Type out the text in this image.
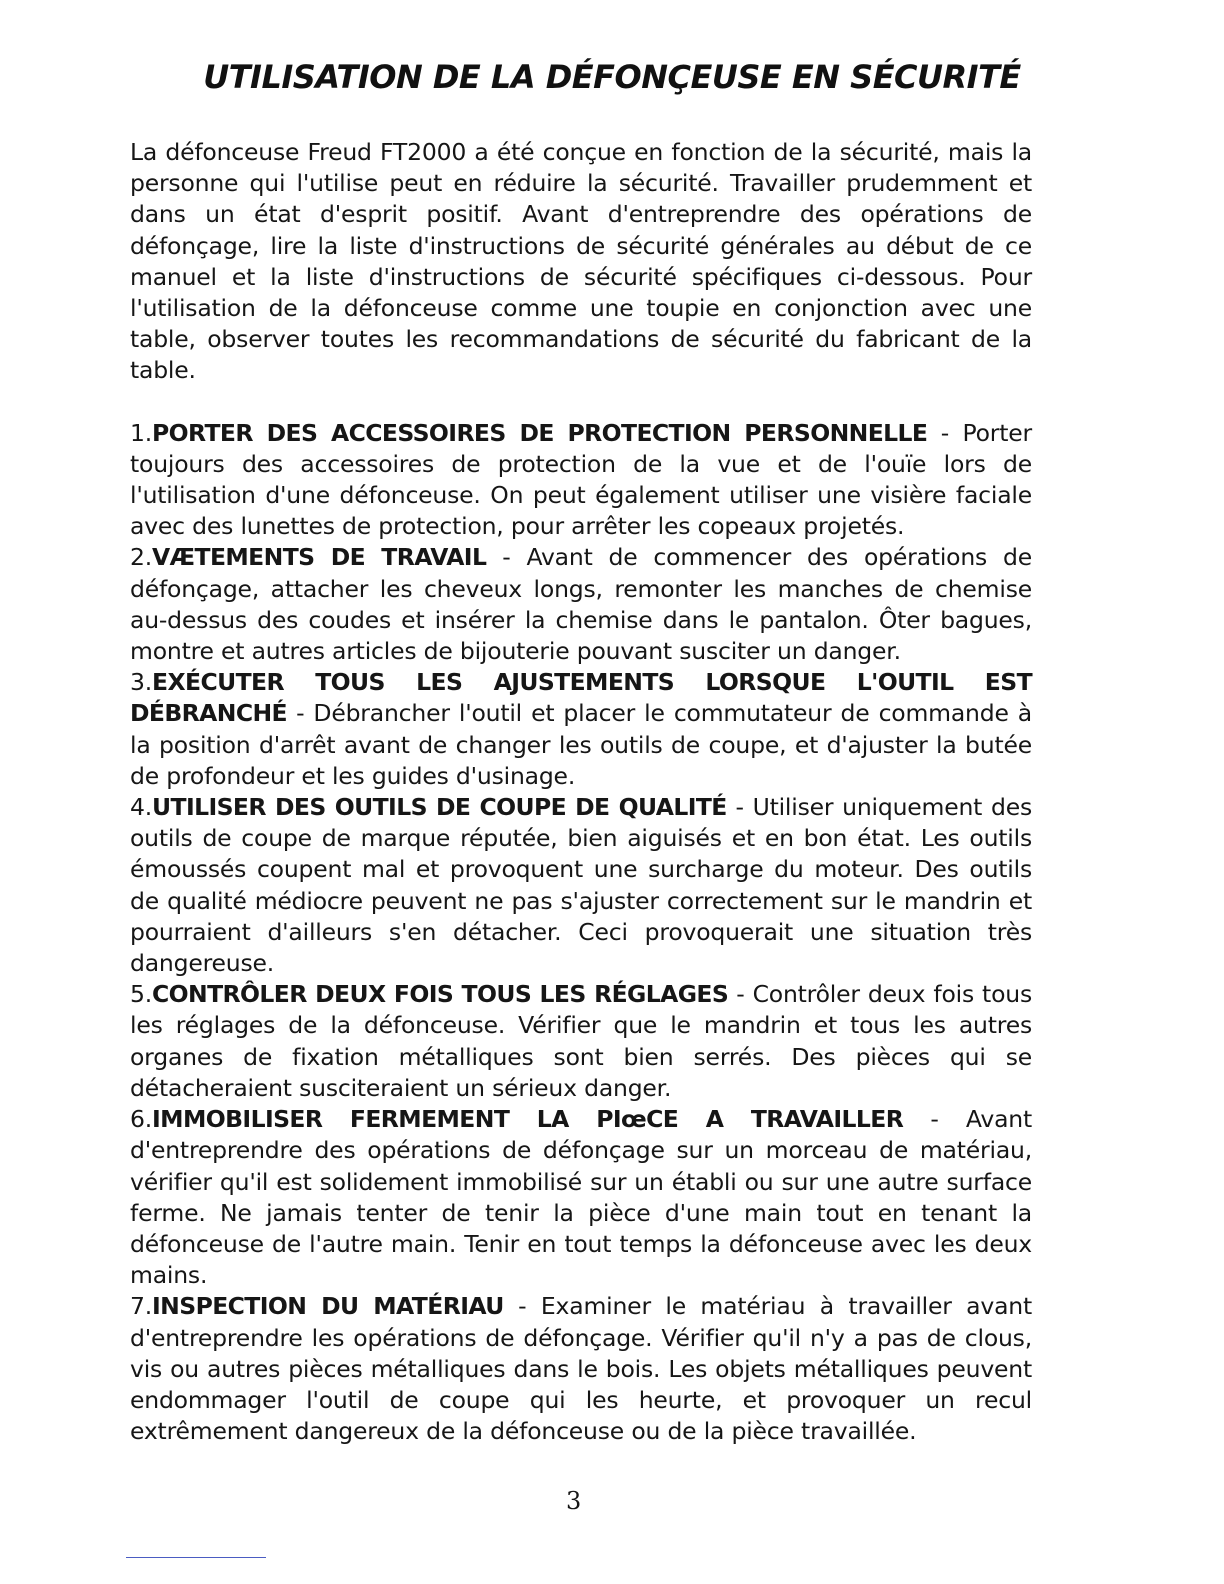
UTILISATION DE LA DÉFONÇEUSE EN SÉCURITÉ

La défonceuse Freud FT2000 a été conçue en fonction de la sécurité, mais la personne qui l'utilise peut en réduire la sécurité. Travailler prudemment et dans un état d'esprit positif. Avant d'entreprendre des opérations de défonçage, lire la liste d'instructions de sécurité générales au début de ce manuel et la liste d'instructions de sécurité spécifiques ci-dessous. Pour l'utilisation de la défonceuse comme une toupie en conjonction avec une table, observer toutes les recommandations de sécurité du fabricant de la table.

1.PORTER DES ACCESSOIRES DE PROTECTION PERSONNELLE - Porter toujours des accessoires de protection de la vue et de l'ouïe lors de l'utilisation d'une défonceuse. On peut également utiliser une visière faciale avec des lunettes de protection, pour arrêter les copeaux projetés.

2.VÆTEMENTS DE TRAVAIL - Avant de commencer des opérations de défonçage, attacher les cheveux longs, remonter les manches de chemise au-dessus des coudes et insérer la chemise dans le pantalon. Ôter bagues, montre et autres articles de bijouterie pouvant susciter un danger.

3.EXÉCUTER TOUS LES AJUSTEMENTS LORSQUE L'OUTIL EST DÉBRANCHÉ - Débrancher l'outil et placer le commutateur de commande à la position d'arrêt avant de changer les outils de coupe, et d'ajuster la butée de profondeur et les guides d'usinage.

4.UTILISER DES OUTILS DE COUPE DE QUALITÉ - Utiliser uniquement des outils de coupe de marque réputée, bien aiguisés et en bon état. Les outils émoussés coupent mal et provoquent une surcharge du moteur. Des outils de qualité médiocre peuvent ne pas s'ajuster correctement sur le mandrin et pourraient d'ailleurs s'en détacher. Ceci provoquerait une situation très dangereuse.

5.CONTRÔLER DEUX FOIS TOUS LES RÉGLAGES - Contrôler deux fois tous les réglages de la défonceuse. Vérifier que le mandrin et tous les autres organes de fixation métalliques sont bien serrés. Des pièces qui se détacheraient susciteraient un sérieux danger.

6.IMMOBILISER FERMEMENT LA PIœCE A TRAVAILLER - Avant d'entreprendre des opérations de défonçage sur un morceau de matériau, vérifier qu'il est solidement immobilisé sur un établi ou sur une autre surface ferme. Ne jamais tenter de tenir la pièce d'une main tout en tenant la défonceuse de l'autre main. Tenir en tout temps la défonceuse avec les deux mains.

7.INSPECTION DU MATÉRIAU - Examiner le matériau à travailler avant d'entreprendre les opérations de défonçage. Vérifier qu'il n'y a pas de clous, vis ou autres pièces métalliques dans le bois. Les objets métalliques peuvent endommager l'outil de coupe qui les heurte, et provoquer un recul extrêmement dangereux de la défonceuse ou de la pièce travaillée.

3
